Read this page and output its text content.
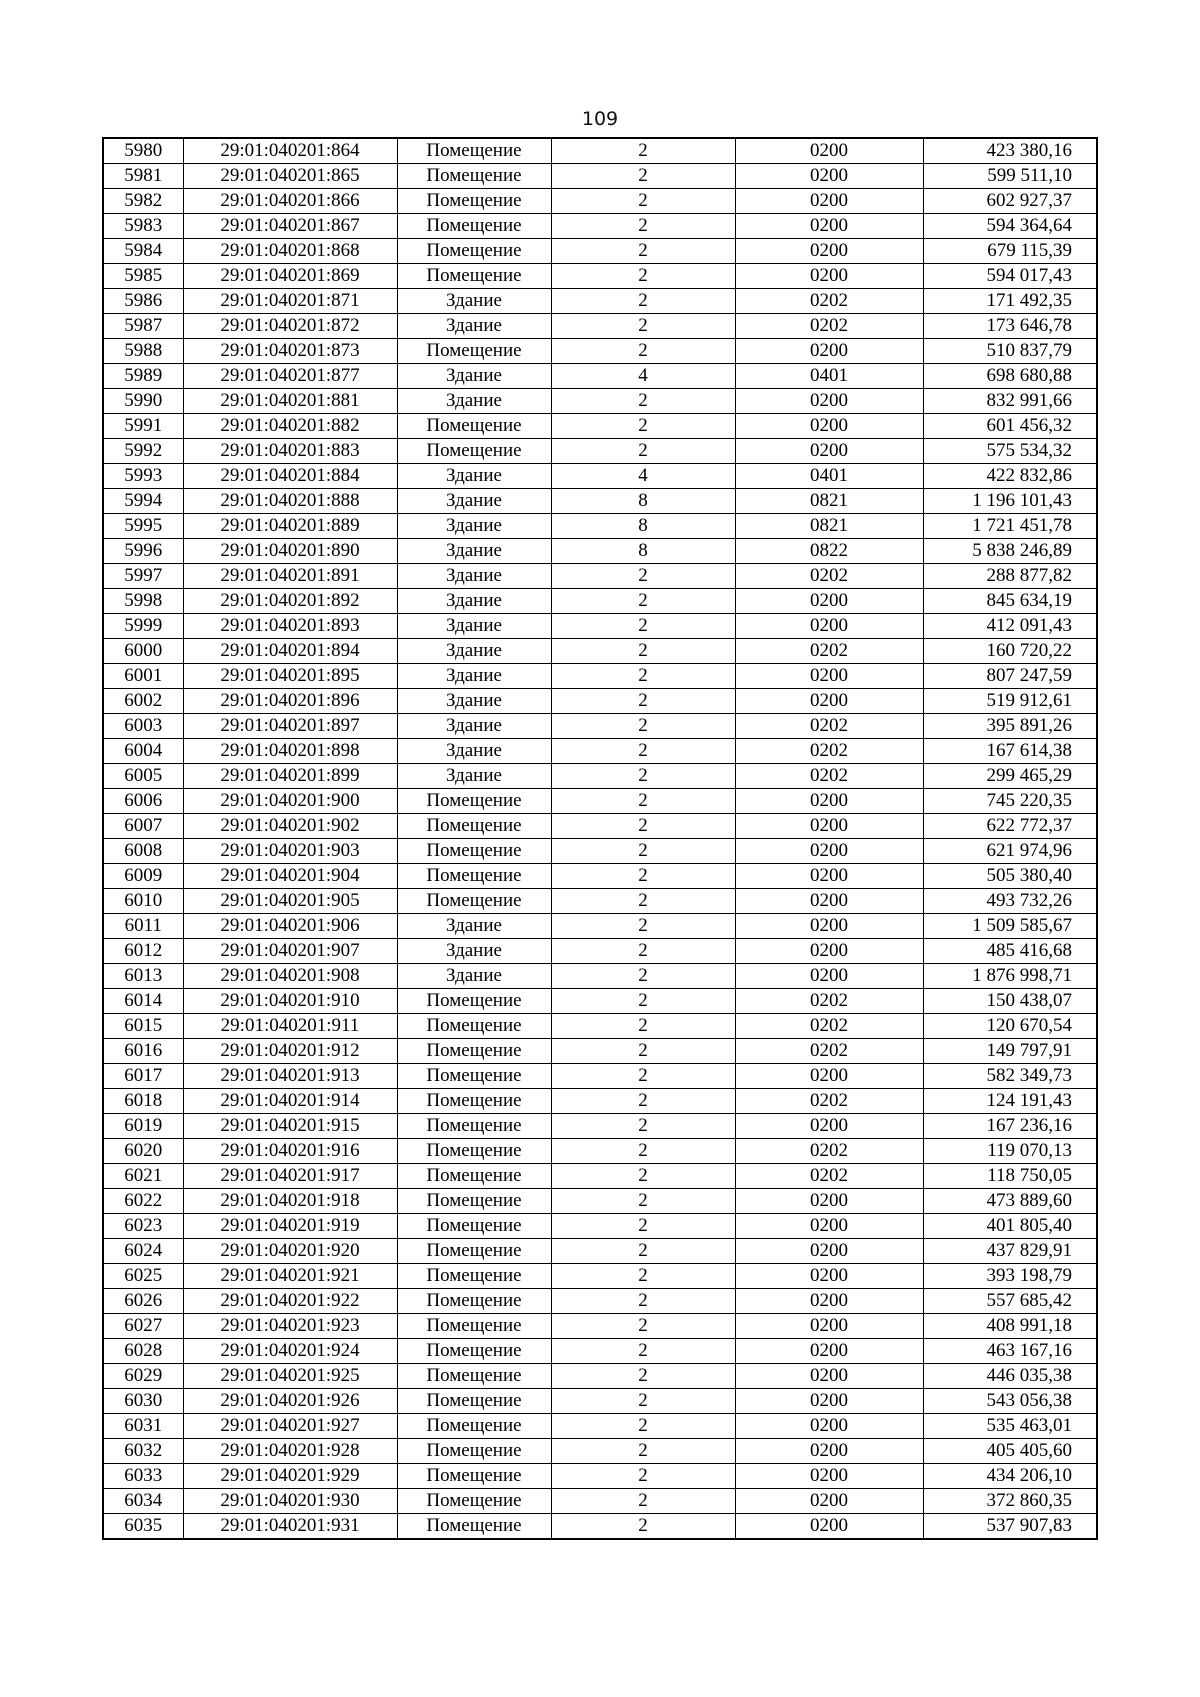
109
5980	29:01:040201:864	Помещение	2	0200	423 380,16
5981	29:01:040201:865	Помещение	2	0200	599 511,10
5982	29:01:040201:866	Помещение	2	0200	602 927,37
5983	29:01:040201:867	Помещение	2	0200	594 364,64
5984	29:01:040201:868	Помещение	2	0200	679 115,39
5985	29:01:040201:869	Помещение	2	0200	594 017,43
5986	29:01:040201:871	Здание	2	0202	171 492,35
5987	29:01:040201:872	Здание	2	0202	173 646,78
5988	29:01:040201:873	Помещение	2	0200	510 837,79
5989	29:01:040201:877	Здание	4	0401	698 680,88
5990	29:01:040201:881	Здание	2	0200	832 991,66
5991	29:01:040201:882	Помещение	2	0200	601 456,32
5992	29:01:040201:883	Помещение	2	0200	575 534,32
5993	29:01:040201:884	Здание	4	0401	422 832,86
5994	29:01:040201:888	Здание	8	0821	1 196 101,43
5995	29:01:040201:889	Здание	8	0821	1 721 451,78
5996	29:01:040201:890	Здание	8	0822	5 838 246,89
5997	29:01:040201:891	Здание	2	0202	288 877,82
5998	29:01:040201:892	Здание	2	0200	845 634,19
5999	29:01:040201:893	Здание	2	0200	412 091,43
6000	29:01:040201:894	Здание	2	0202	160 720,22
6001	29:01:040201:895	Здание	2	0200	807 247,59
6002	29:01:040201:896	Здание	2	0200	519 912,61
6003	29:01:040201:897	Здание	2	0202	395 891,26
6004	29:01:040201:898	Здание	2	0202	167 614,38
6005	29:01:040201:899	Здание	2	0202	299 465,29
6006	29:01:040201:900	Помещение	2	0200	745 220,35
6007	29:01:040201:902	Помещение	2	0200	622 772,37
6008	29:01:040201:903	Помещение	2	0200	621 974,96
6009	29:01:040201:904	Помещение	2	0200	505 380,40
6010	29:01:040201:905	Помещение	2	0200	493 732,26
6011	29:01:040201:906	Здание	2	0200	1 509 585,67
6012	29:01:040201:907	Здание	2	0200	485 416,68
6013	29:01:040201:908	Здание	2	0200	1 876 998,71
6014	29:01:040201:910	Помещение	2	0202	150 438,07
6015	29:01:040201:911	Помещение	2	0202	120 670,54
6016	29:01:040201:912	Помещение	2	0202	149 797,91
6017	29:01:040201:913	Помещение	2	0200	582 349,73
6018	29:01:040201:914	Помещение	2	0202	124 191,43
6019	29:01:040201:915	Помещение	2	0200	167 236,16
6020	29:01:040201:916	Помещение	2	0202	119 070,13
6021	29:01:040201:917	Помещение	2	0202	118 750,05
6022	29:01:040201:918	Помещение	2	0200	473 889,60
6023	29:01:040201:919	Помещение	2	0200	401 805,40
6024	29:01:040201:920	Помещение	2	0200	437 829,91
6025	29:01:040201:921	Помещение	2	0200	393 198,79
6026	29:01:040201:922	Помещение	2	0200	557 685,42
6027	29:01:040201:923	Помещение	2	0200	408 991,18
6028	29:01:040201:924	Помещение	2	0200	463 167,16
6029	29:01:040201:925	Помещение	2	0200	446 035,38
6030	29:01:040201:926	Помещение	2	0200	543 056,38
6031	29:01:040201:927	Помещение	2	0200	535 463,01
6032	29:01:040201:928	Помещение	2	0200	405 405,60
6033	29:01:040201:929	Помещение	2	0200	434 206,10
6034	29:01:040201:930	Помещение	2	0200	372 860,35
6035	29:01:040201:931	Помещение	2	0200	537 907,83
